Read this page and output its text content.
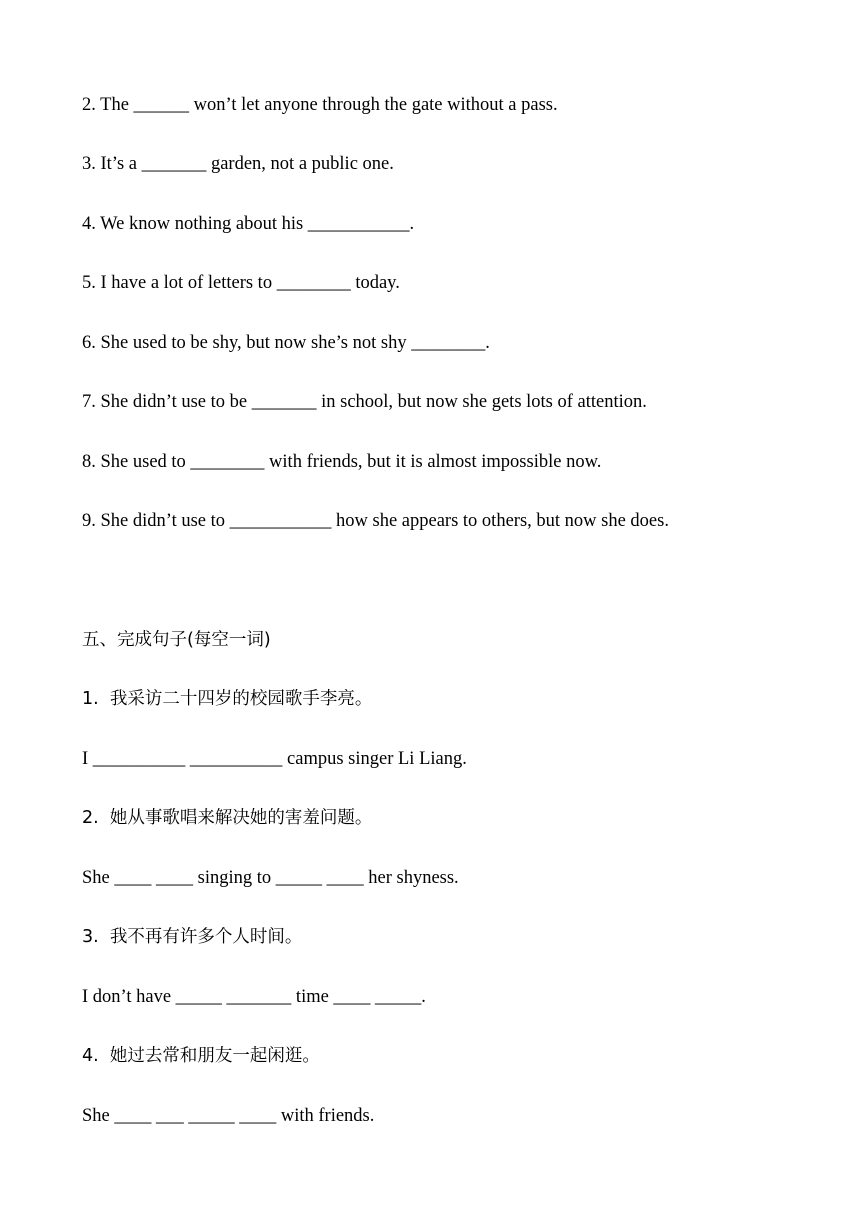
2. The ______ won’t let anyone through the gate without a pass.

3. It’s a _______ garden, not a public one.

4. We know nothing about his ___________.

5. I have a lot of letters to ________ today.

6. She used to be shy, but now she’s not shy ________.

7. She didn’t use to be _______ in school, but now she gets lots of attention.

8. She used to ________ with friends, but it is almost impossible now.

9. She didn’t use to ___________ how she appears to others, but now she does.

五、完成句子(每空一词)

1.  我采访二十四岁的校园歌手李亮。

I __________ __________ campus singer Li Liang.

2.  她从事歌唱来解决她的害羞问题。

She ____ ____ singing to _____ ____ her shyness.

3.  我不再有许多个人时间。

I don’t have _____ _______ time ____ _____.

4.  她过去常和朋友一起闲逛。

She ____ ___ _____ ____ with friends.
